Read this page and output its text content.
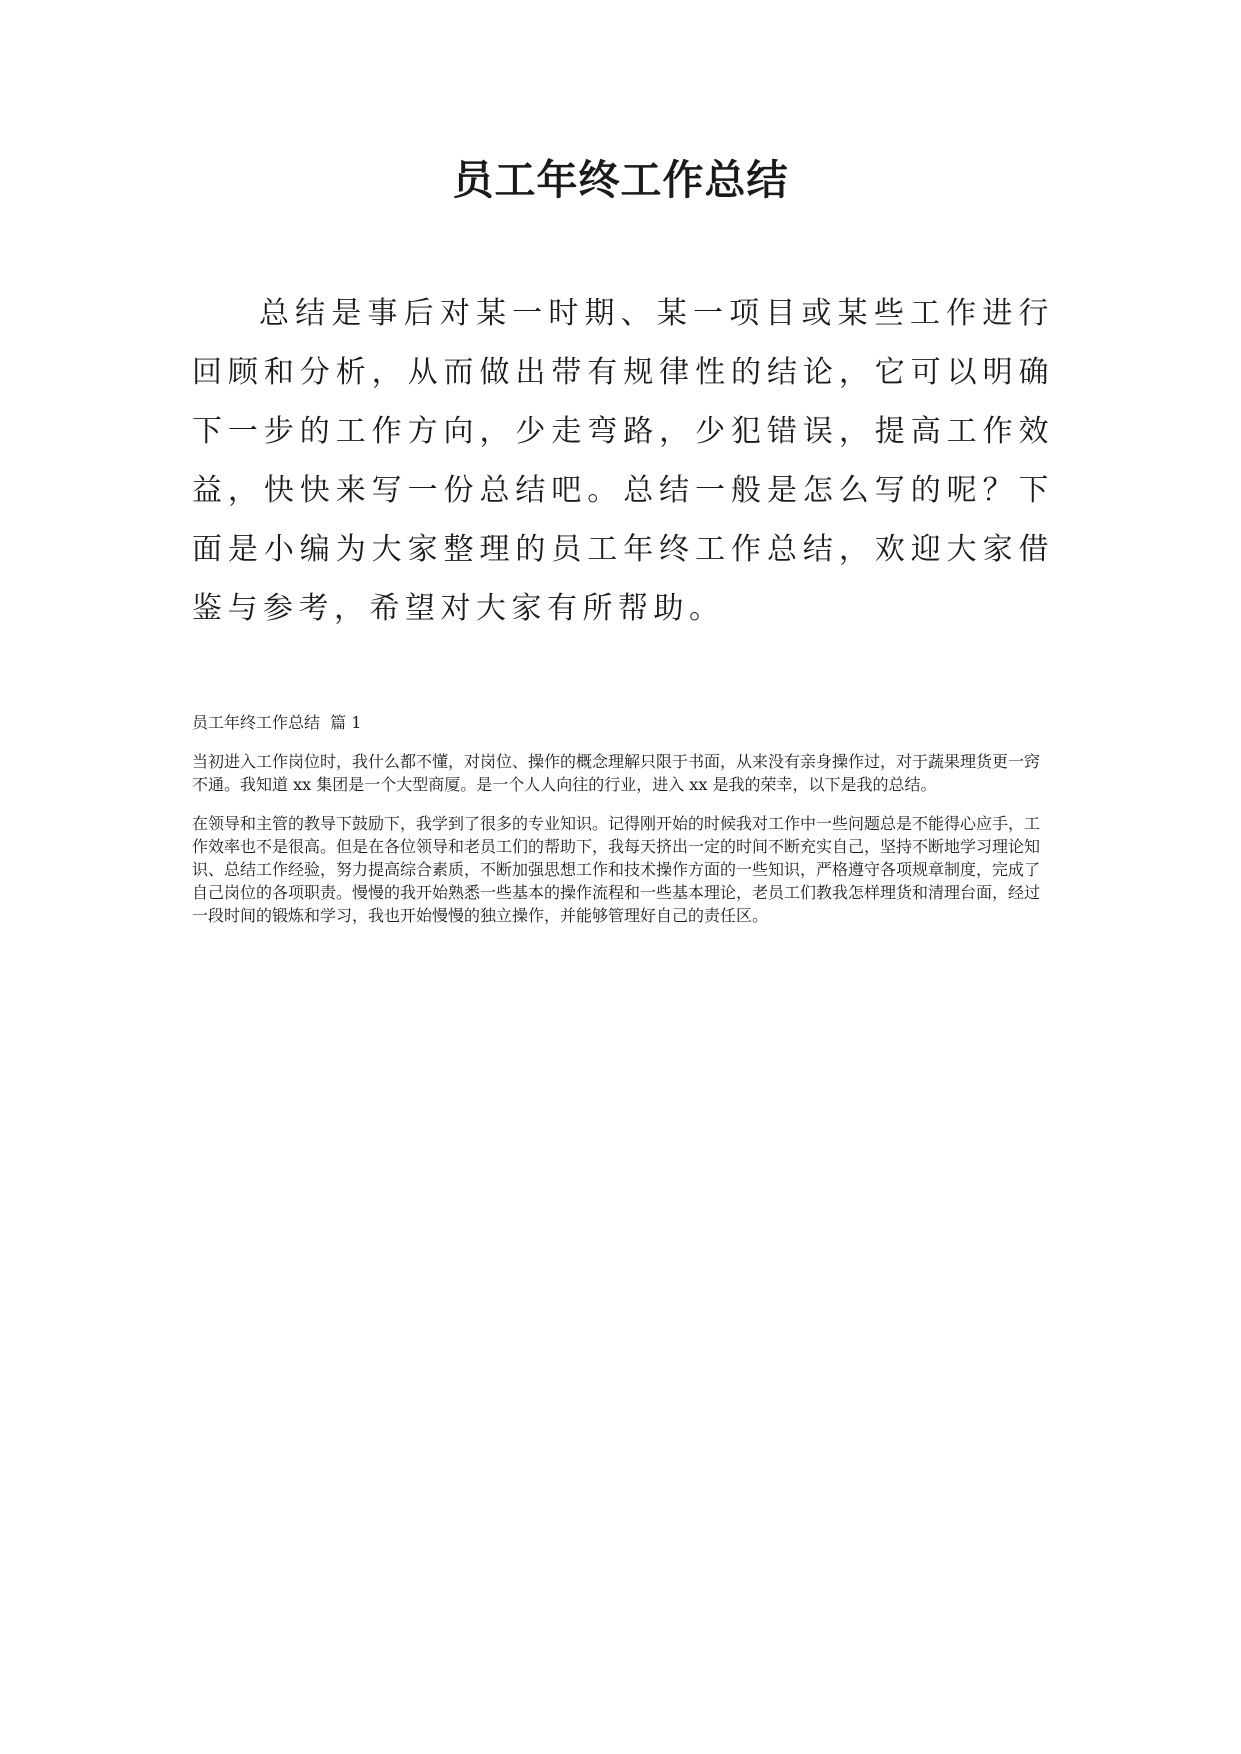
员工年终工作总结

总结是事后对某一时期、某一项目或某些工作进行回顾和分析，从而做出带有规律性的结论，它可以明确下一步的工作方向，少走弯路，少犯错误，提高工作效益，快快来写一份总结吧。总结一般是怎么写的呢？下面是小编为大家整理的员工年终工作总结，欢迎大家借鉴与参考，希望对大家有所帮助。

员工年终工作总结  篇 1

当初进入工作岗位时，我什么都不懂，对岗位、操作的概念理解只限于书面，从来没有亲身操作过，对于蔬果理货更一窍不通。我知道 xx 集团是一个大型商厦。是一个人人向往的行业，进入 xx 是我的荣幸，以下是我的总结。

在领导和主管的教导下鼓励下，我学到了很多的专业知识。记得刚开始的时候我对工作中一些问题总是不能得心应手，工作效率也不是很高。但是在各位领导和老员工们的帮助下，我每天挤出一定的时间不断充实自己，坚持不断地学习理论知识、总结工作经验，努力提高综合素质，不断加强思想工作和技术操作方面的一些知识，严格遵守各项规章制度，完成了自己岗位的各项职责。慢慢的我开始熟悉一些基本的操作流程和一些基本理论，老员工们教我怎样理货和清理台面，经过一段时间的锻炼和学习，我也开始慢慢的独立操作，并能够管理好自己的责任区。
